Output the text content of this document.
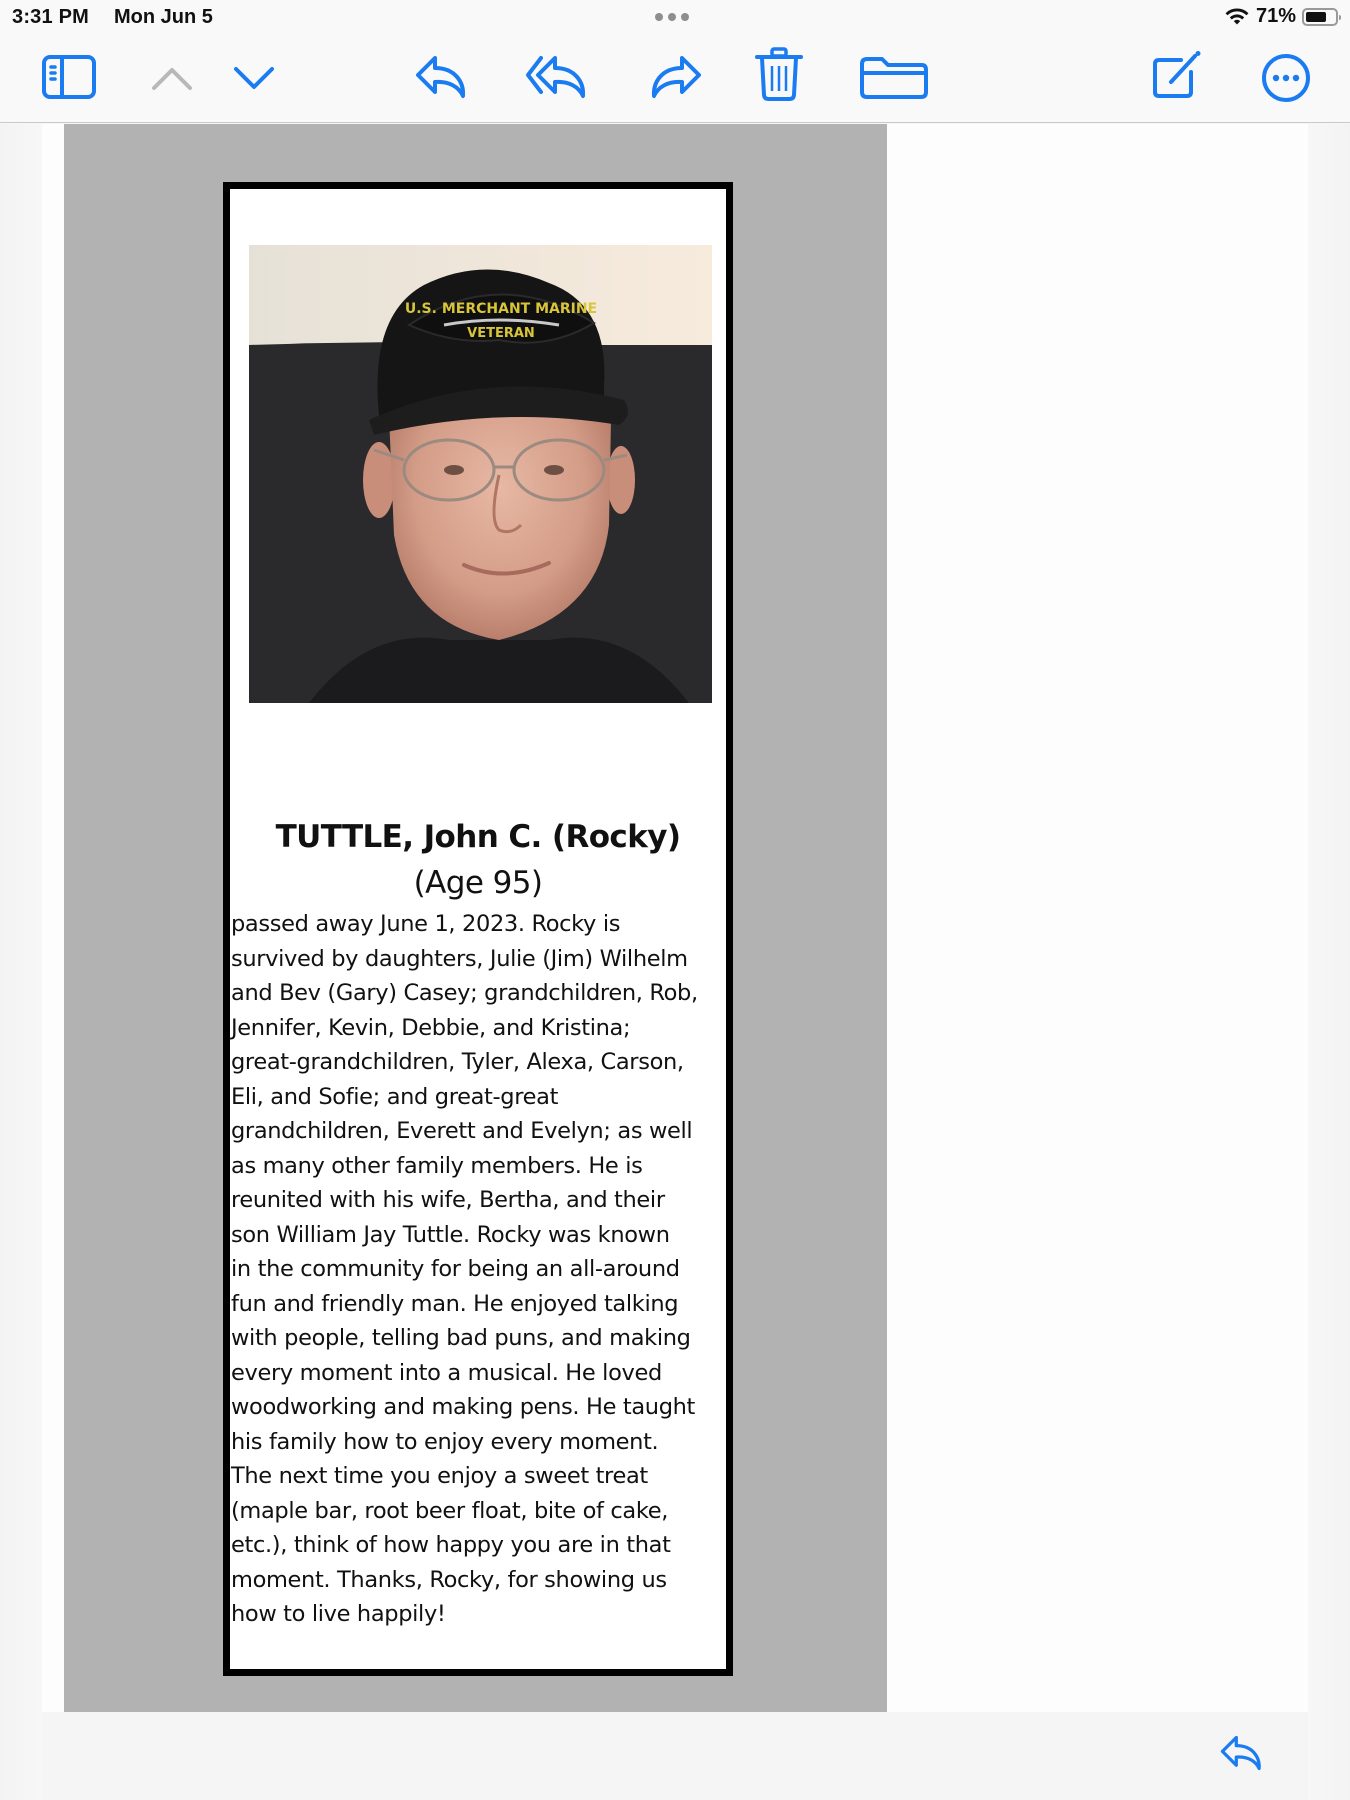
3:31 PM Mon Jun 5	71%
U.S. MERCHANT MARINE
VETERAN
TUTTLE, John C. (Rocky)
(Age 95)
passed away June 1, 2023. Rocky is
survived by daughters, Julie (Jim) Wilhelm
and Bev (Gary) Casey; grandchildren, Rob,
Jennifer, Kevin, Debbie, and Kristina;
great-grandchildren, Tyler, Alexa, Carson,
Eli, and Sofie; and great-great
grandchildren, Everett and Evelyn; as well
as many other family members. He is
reunited with his wife, Bertha, and their
son William Jay Tuttle. Rocky was known
in the community for being an all-around
fun and friendly man. He enjoyed talking
with people, telling bad puns, and making
every moment into a musical. He loved
woodworking and making pens. He taught
his family how to enjoy every moment.
The next time you enjoy a sweet treat
(maple bar, root beer float, bite of cake,
etc.), think of how happy you are in that
moment. Thanks, Rocky, for showing us
how to live happily!
